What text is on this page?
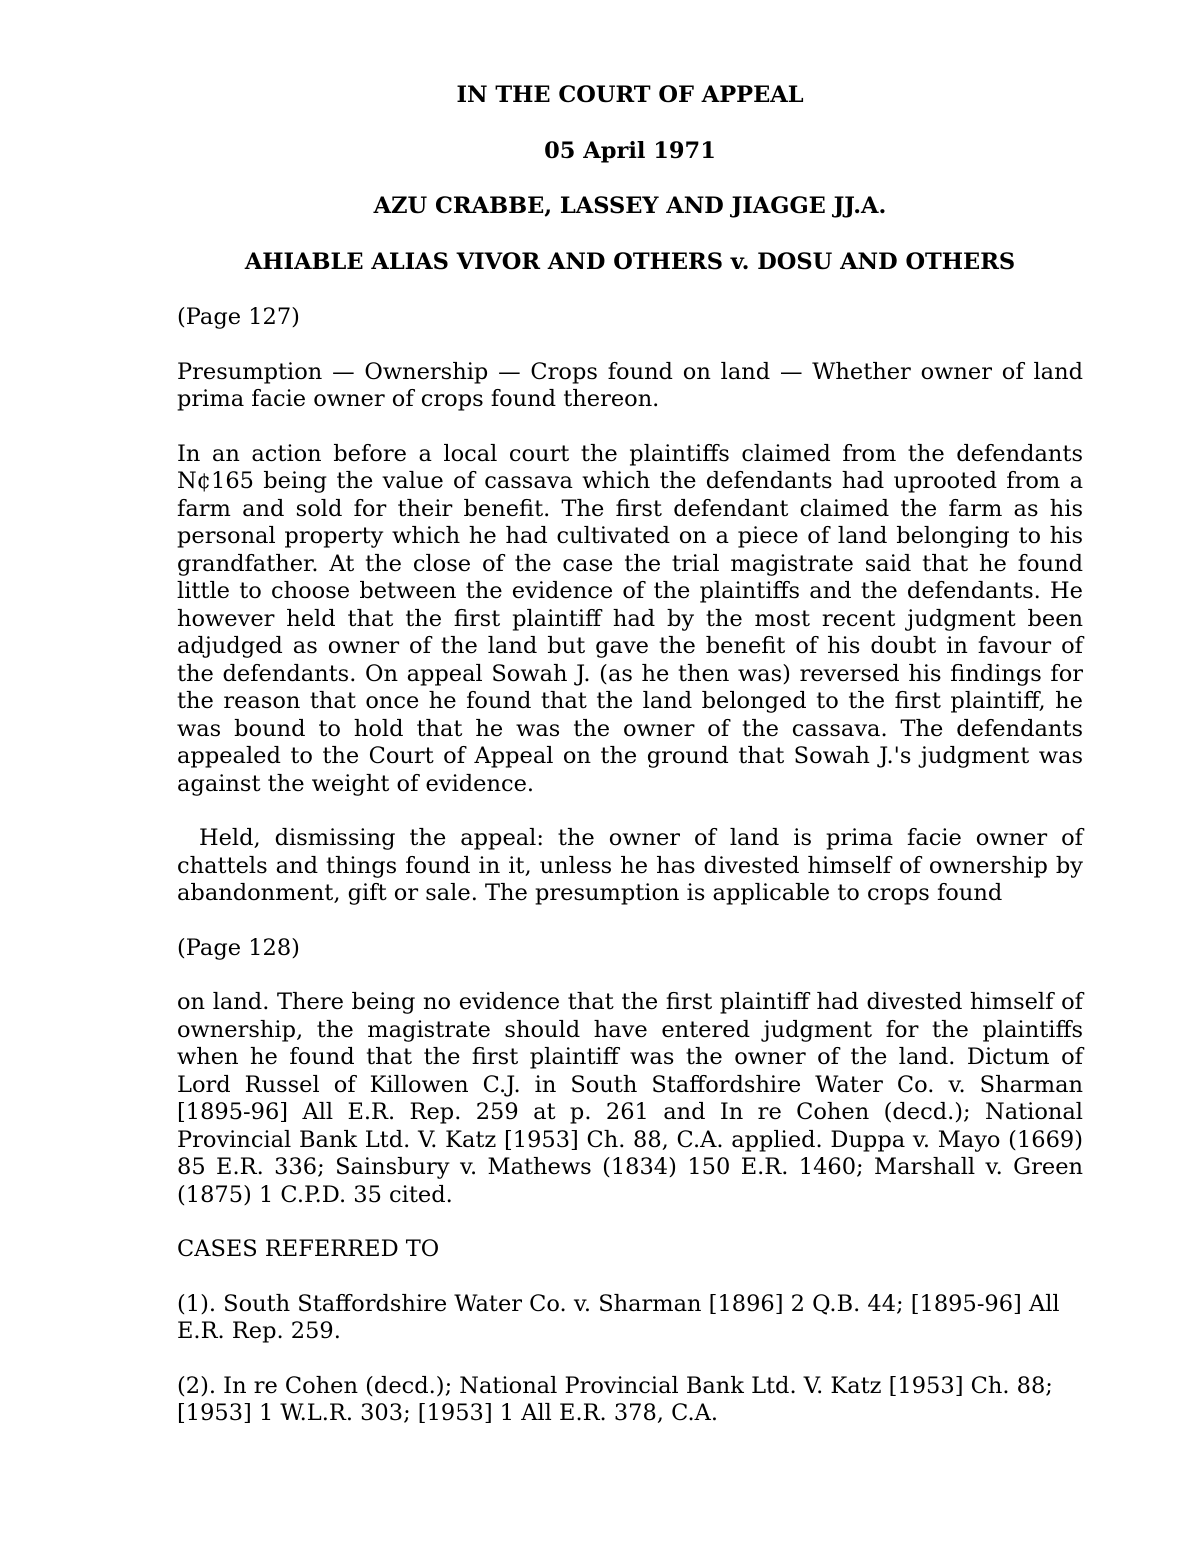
IN THE COURT OF APPEAL
05 April 1971
AZU CRABBE, LASSEY AND JIAGGE JJ.A.
AHIABLE ALIAS VIVOR AND OTHERS v. DOSU AND OTHERS
(Page 127)
Presumption — Ownership — Crops found on land — Whether owner of land prima facie owner of crops found thereon.
In an action before a local court the plaintiffs claimed from the defendants N¢165 being the value of cassava which the defendants had uprooted from a farm and sold for their benefit. The first defendant claimed the farm as his personal property which he had cultivated on a piece of land belonging to his grandfather. At the close of the case the trial magistrate said that he found little to choose between the evidence of the plaintiffs and the defendants. He however held that the first plaintiff had by the most recent judgment been adjudged as owner of the land but gave the benefit of his doubt in favour of the defendants. On appeal Sowah J. (as he then was) reversed his findings for the reason that once he found that the land belonged to the first plaintiff, he was bound to hold that he was the owner of the cassava. The defendants appealed to the Court of Appeal on the ground that Sowah J.'s judgment was against the weight of evidence.
Held, dismissing the appeal: the owner of land is prima facie owner of chattels and things found in it, unless he has divested himself of ownership by abandonment, gift or sale. The presumption is applicable to crops found
(Page 128)
on land. There being no evidence that the first plaintiff had divested himself of ownership, the magistrate should have entered judgment for the plaintiffs when he found that the first plaintiff was the owner of the land. Dictum of Lord Russel of Killowen C.J. in South Staffordshire Water Co. v. Sharman [1895-96] All E.R. Rep. 259 at p. 261 and In re Cohen (decd.); National Provincial Bank Ltd. V. Katz [1953] Ch. 88, C.A. applied. Duppa v. Mayo (1669) 85 E.R. 336; Sainsbury v. Mathews (1834) 150 E.R. 1460; Marshall v. Green (1875) 1 C.P.D. 35 cited.
CASES REFERRED TO
(1). South Staffordshire Water Co. v. Sharman [1896] 2 Q.B. 44; [1895-96] All E.R. Rep. 259.
(2). In re Cohen (decd.); National Provincial Bank Ltd. V. Katz [1953] Ch. 88; [1953] 1 W.L.R. 303; [1953] 1 All E.R. 378, C.A.
